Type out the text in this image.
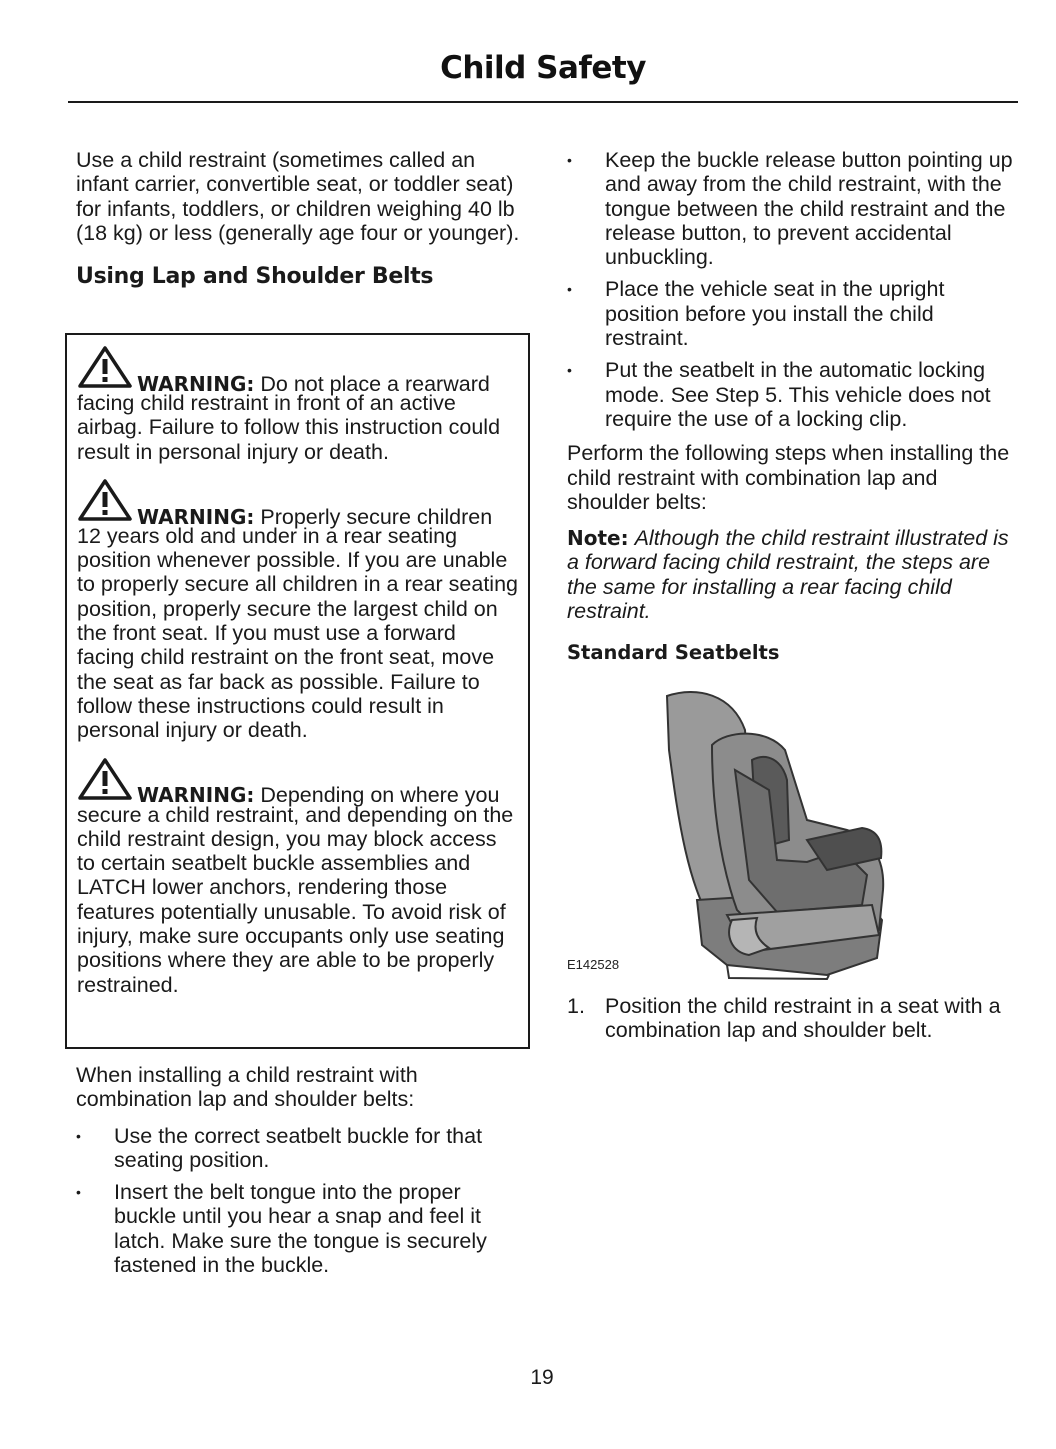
Child Safety

Use a child restraint (sometimes called an infant carrier, convertible seat, or toddler seat) for infants, toddlers, or children weighing 40 lb (18 kg) or less (generally age four or younger).

Using Lap and Shoulder Belts
WARNING: Do not place a rearward
facing child restraint in front of an active airbag. Failure to follow this instruction could result in personal injury or death.
WARNING: Properly secure children
12 years old and under in a rear seating position whenever possible. If you are unable to properly secure all children in a rear seating position, properly secure the largest child on the front seat. If you must use a forward facing child restraint on the front seat, move the seat as far back as possible. Failure to follow these instructions could result in personal injury or death.
WARNING: Depending on where you
secure a child restraint, and depending on the child restraint design, you may block access to certain seatbelt buckle assemblies and LATCH lower anchors, rendering those features potentially unusable. To avoid risk of injury, make sure occupants only use seating positions where they are able to be properly restrained.

When installing a child restraint with combination lap and shoulder belts:

• Use the correct seatbelt buckle for that seating position.
• Insert the belt tongue into the proper buckle until you hear a snap and feel it latch. Make sure the tongue is securely fastened in the buckle.
• Keep the buckle release button pointing up and away from the child restraint, with the tongue between the child restraint and the release button, to prevent accidental unbuckling.
• Place the vehicle seat in the upright position before you install the child restraint.
• Put the seatbelt in the automatic locking mode. See Step 5. This vehicle does not require the use of a locking clip.

Perform the following steps when installing the child restraint with combination lap and shoulder belts:

Note: Although the child restraint illustrated is a forward facing child restraint, the steps are the same for installing a rear facing child restraint.

Standard Seatbelts
E142528
1. Position the child restraint in a seat with a combination lap and shoulder belt.
19
